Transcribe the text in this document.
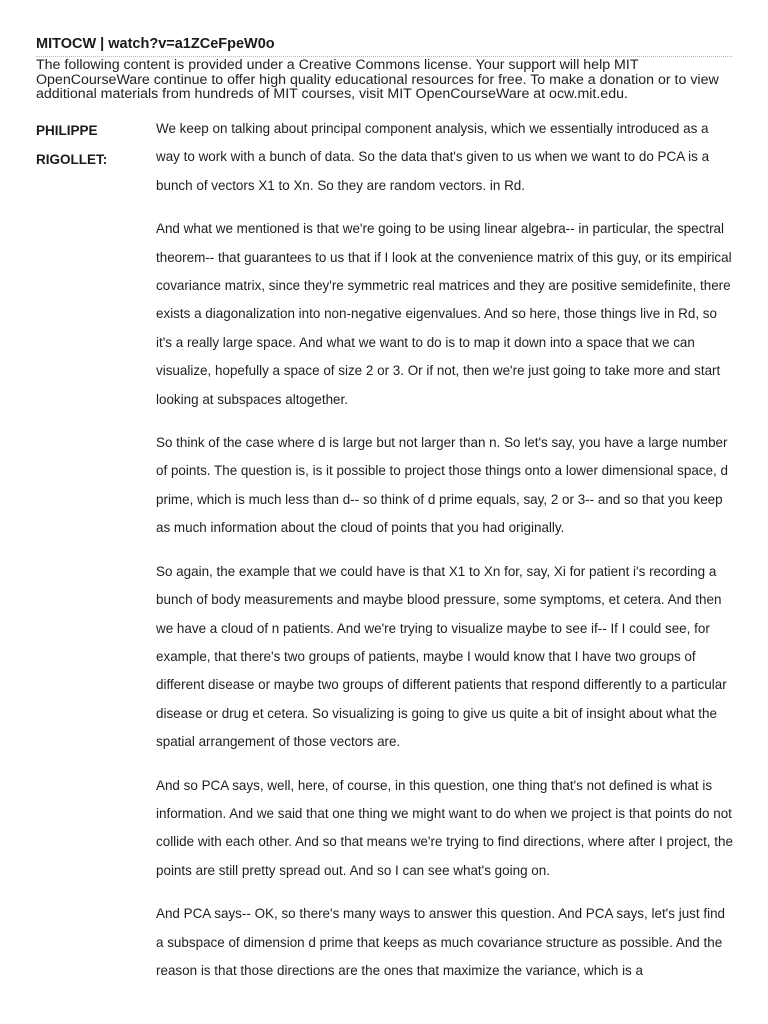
MITOCW | watch?v=a1ZCeFpeW0o
The following content is provided under a Creative Commons license. Your support will help MIT OpenCourseWare continue to offer high quality educational resources for free. To make a donation or to view additional materials from hundreds of MIT courses, visit MIT OpenCourseWare at ocw.mit.edu.
PHILIPPE RIGOLLET:

We keep on talking about principal component analysis, which we essentially introduced as a way to work with a bunch of data. So the data that's given to us when we want to do PCA is a bunch of vectors X1 to Xn. So they are random vectors. in Rd.

And what we mentioned is that we're going to be using linear algebra-- in particular, the spectral theorem-- that guarantees to us that if I look at the convenience matrix of this guy, or its empirical covariance matrix, since they're symmetric real matrices and they are positive semidefinite, there exists a diagonalization into non-negative eigenvalues. And so here, those things live in Rd, so it's a really large space. And what we want to do is to map it down into a space that we can visualize, hopefully a space of size 2 or 3. Or if not, then we're just going to take more and start looking at subspaces altogether.

So think of the case where d is large but not larger than n. So let's say, you have a large number of points. The question is, is it possible to project those things onto a lower dimensional space, d prime, which is much less than d-- so think of d prime equals, say, 2 or 3-- and so that you keep as much information about the cloud of points that you had originally.

So again, the example that we could have is that X1 to Xn for, say, Xi for patient i's recording a bunch of body measurements and maybe blood pressure, some symptoms, et cetera. And then we have a cloud of n patients. And we're trying to visualize maybe to see if-- If I could see, for example, that there's two groups of patients, maybe I would know that I have two groups of different disease or maybe two groups of different patients that respond differently to a particular disease or drug et cetera. So visualizing is going to give us quite a bit of insight about what the spatial arrangement of those vectors are.

And so PCA says, well, here, of course, in this question, one thing that's not defined is what is information. And we said that one thing we might want to do when we project is that points do not collide with each other. And so that means we're trying to find directions, where after I project, the points are still pretty spread out. And so I can see what's going on.

And PCA says-- OK, so there's many ways to answer this question. And PCA says, let's just find a subspace of dimension d prime that keeps as much covariance structure as possible. And the reason is that those directions are the ones that maximize the variance, which is a
